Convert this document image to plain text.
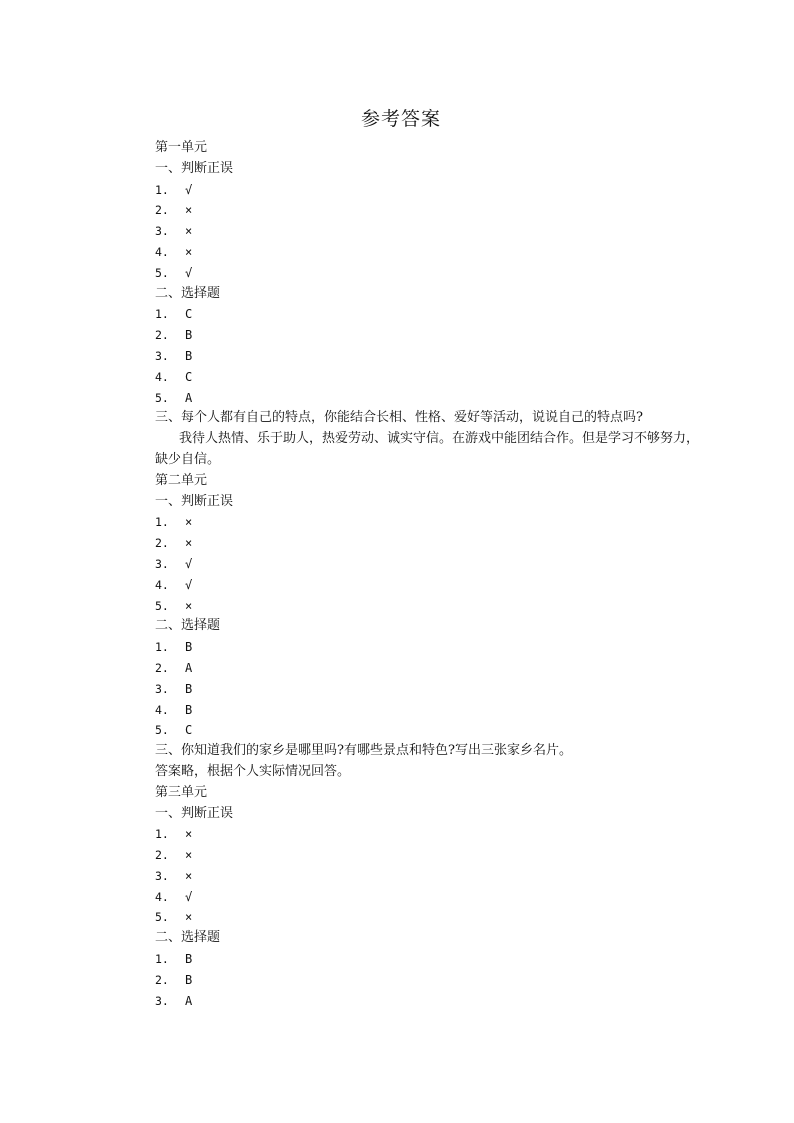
参考答案
第一单元
一、判断正误
1. √
2. ×
3. ×
4. ×
5. √
二、选择题
1. C
2. B
3. B
4. C
5. A
三、每个人都有自己的特点，你能结合长相、性格、爱好等活动，说说自己的特点吗?
我待人热情、乐于助人，热爱劳动、诚实守信。在游戏中能团结合作。但是学习不够努力，
缺少自信。
第二单元
一、判断正误
1. ×
2. ×
3. √
4. √
5. ×
二、选择题
1. B
2. A
3. B
4. B
5. C
三、你知道我们的家乡是哪里吗?有哪些景点和特色?写出三张家乡名片。
答案略，根据个人实际情况回答。
第三单元
一、判断正误
1. ×
2. ×
3. ×
4. √
5. ×
二、选择题
1. B
2. B
3. A
